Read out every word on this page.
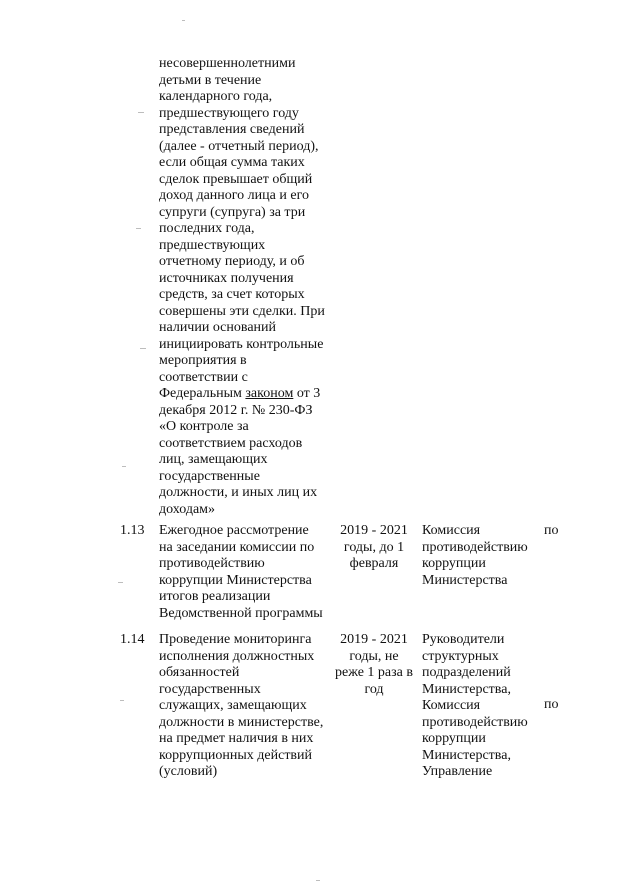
несовершеннолетними
детьми в течение
календарного года,
предшествующего году
представления сведений
(далее - отчетный период),
если общая сумма таких
сделок превышает общий
доход данного лица и его
супруги (супруга) за три
последних года,
предшествующих
отчетному периоду, и об
источниках получения
средств, за счет которых
совершены эти сделки. При
наличии оснований
инициировать контрольные
мероприятия в
соответствии с
Федеральным законом от 3
декабря 2012 г. № 230-ФЗ
«О контроле за
соответствием расходов
лиц, замещающих
государственные
должности, и иных лиц их
доходам»
1.13	Ежегодное рассмотрение
на заседании комиссии по
противодействию
коррупции Министерства
итогов реализации
Ведомственной программы
2019 - 2021
годы, до 1
февраля
Комиссия
противодействию
коррупции
Министерства
по
1.14	Проведение мониторинга
исполнения должностных
обязанностей
государственных
служащих, замещающих
должности в министерстве,
на предмет наличия в них
коррупционных действий
(условий)
2019 - 2021
годы, не
реже 1 раза в
год
Руководители
структурных
подразделений
Министерства,
Комиссия
противодействию
коррупции
Министерства,
Управление
по
